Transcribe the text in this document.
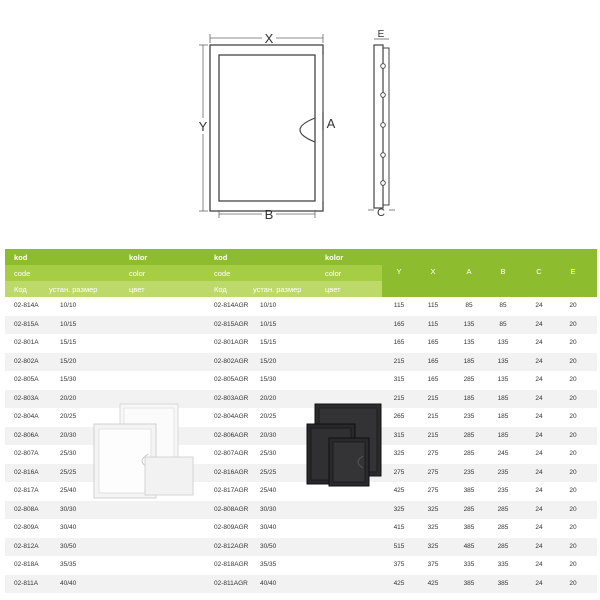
X
Y	A
B
E
C
kod	kolor	kod	kolor
code	color	code	color
Код	устан. размер	цвет	Код	устан. размер	цвет
Y	X	A	B	C	E
02-814A	10/10	02-814AGR 10/10	115	115	85	85	24	20
02-815A	10/15	02-815AGR 10/15	165	115	135	85	24	20
02-801A	15/15	02-801AGR 15/15	165	165	135	135	24	20
02-802A	15/20	02-802AGR 15/20	215	165	185	135	24	20
02-805A	15/30	02-805AGR 15/30	315	165	285	135	24	20
02-803A	20/20	02-803AGR 20/20	215	215	185	185	24	20
02-804A	20/25	02-804AGR 20/25	265	215	235	185	24	20
02-806A	20/30	02-806AGR 20/30	315	215	285	185	24	20
02-807A	25/30	02-807AGR 25/30	325	275	285	245	24	20
02-816A	25/25	02-816AGR 25/25	275	275	235	235	24	20
02-817A	25/40	02-817AGR 25/40	425	275	385	235	24	20
02-808A	30/30	02-808AGR 30/30	325	325	285	285	24	20
02-809A	30/40	02-809AGR 30/40	415	325	385	285	24	20
02-812A	30/50	02-812AGR 30/50	515	325	485	285	24	20
02-818A	35/35	02-818AGR 35/35	375	375	335	335	24	20
02-811A	40/40	02-811AGR 40/40	425	425	385	385	24	20
